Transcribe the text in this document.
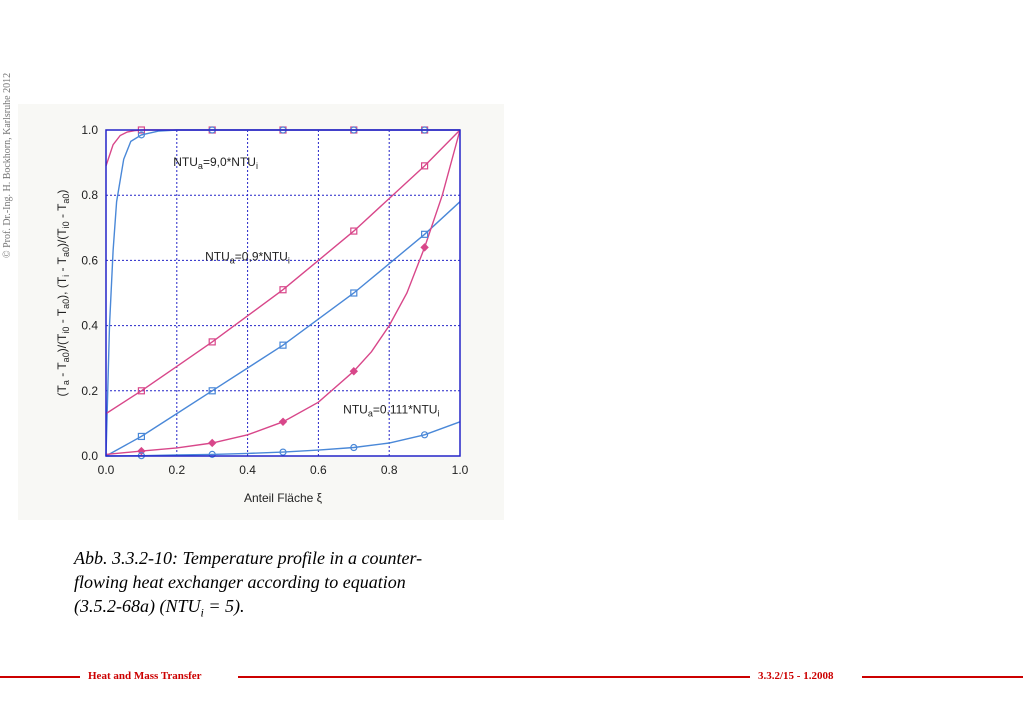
© Prof. Dr.-Ing. H. Bockhorn, Karlsruhe 2012
0.0	0.2	0.4	0.6	0.8	1.0
0.0
0.2
0.4
0.6
0.8
1.0
NTUa=9,0*NTUi
NTUa=0,9*NTUi
NTUa=0,111*NTUi
Anteil Fläche ξ
(Ta - Ta0)/(Ti0 - Ta0), (Ti - Ta0)/(Ti0 - Ta0)
Abb. 3.3.2-10: Temperature profile in a counter-
flowing heat exchanger according to equation
(3.5.2-68a) $(NTU_i = 5)$.
Heat and Mass Transfer	3.3.2/15 - 1.2008
